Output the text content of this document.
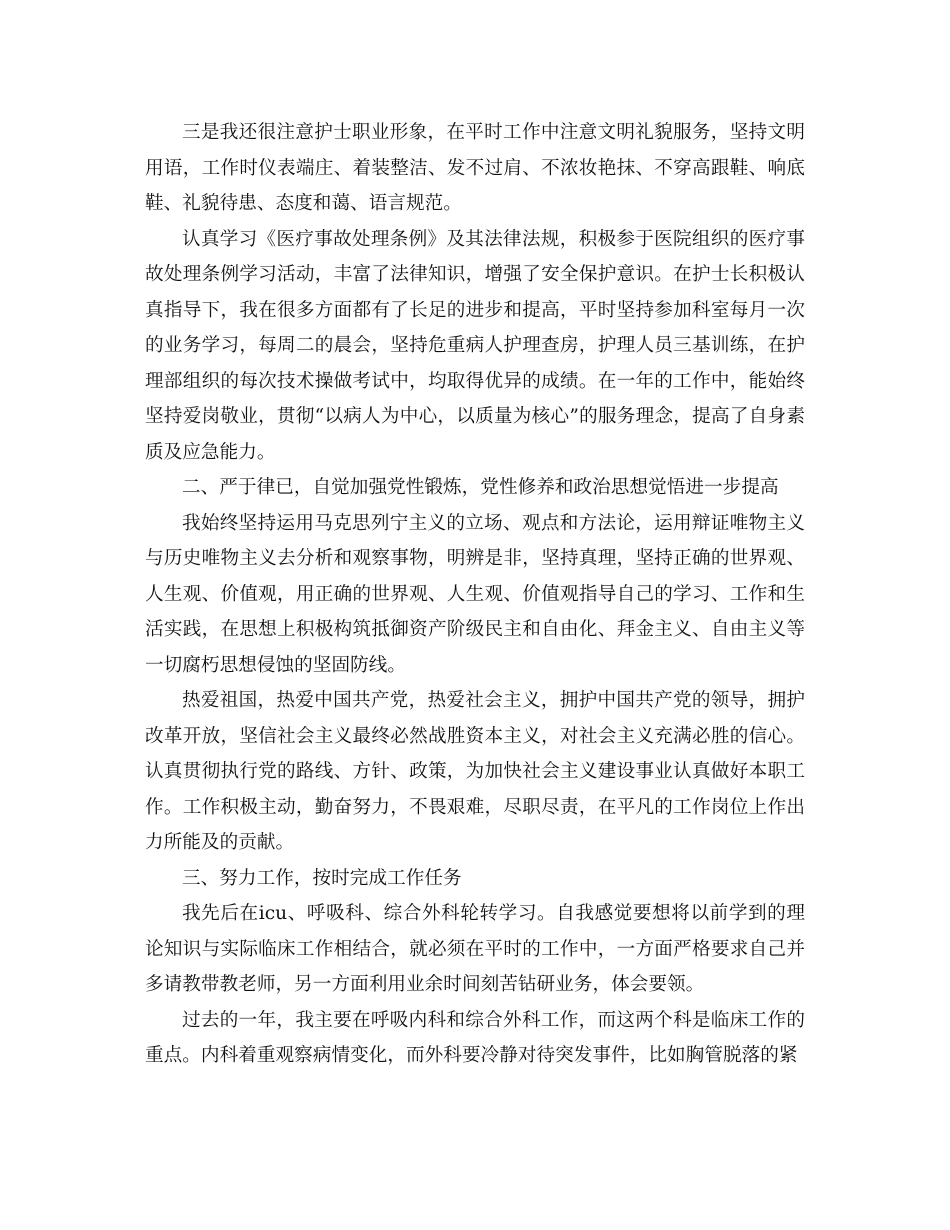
三是我还很注意护士职业形象，在平时工作中注意文明礼貌服务，坚持文明用语，工作时仪表端庄、着装整洁、发不过肩、不浓妆艳抹、不穿高跟鞋、响底鞋、礼貌待患、态度和蔼、语言规范。

认真学习《医疗事故处理条例》及其法律法规，积极参于医院组织的医疗事故处理条例学习活动，丰富了法律知识，增强了安全保护意识。在护士长积极认真指导下，我在很多方面都有了长足的进步和提高，平时坚持参加科室每月一次的业务学习，每周二的晨会，坚持危重病人护理查房，护理人员三基训练，在护理部组织的每次技术操做考试中，均取得优异的成绩。在一年的工作中，能始终坚持爱岗敬业，贯彻“以病人为中心，以质量为核心”的服务理念，提高了自身素质及应急能力。

二、严于律已，自觉加强党性锻炼，党性修养和政治思想觉悟进一步提高

我始终坚持运用马克思列宁主义的立场、观点和方法论，运用辩证唯物主义与历史唯物主义去分析和观察事物，明辨是非，坚持真理，坚持正确的世界观、人生观、价值观，用正确的世界观、人生观、价值观指导自己的学习、工作和生活实践，在思想上积极构筑抵御资产阶级民主和自由化、拜金主义、自由主义等一切腐朽思想侵蚀的坚固防线。

热爱祖国，热爱中国共产党，热爱社会主义，拥护中国共产党的领导，拥护改革开放，坚信社会主义最终必然战胜资本主义，对社会主义充满必胜的信心。认真贯彻执行党的路线、方针、政策，为加快社会主义建设事业认真做好本职工作。工作积极主动，勤奋努力，不畏艰难，尽职尽责，在平凡的工作岗位上作出力所能及的贡献。

三、努力工作，按时完成工作任务

我先后在icu、呼吸科、综合外科轮转学习。自我感觉要想将以前学到的理论知识与实际临床工作相结合，就必须在平时的工作中，一方面严格要求自己并多请教带教老师，另一方面利用业余时间刻苦钻研业务，体会要领。

过去的一年，我主要在呼吸内科和综合外科工作，而这两个科是临床工作的重点。内科着重观察病情变化，而外科要冷静对待突发事件，比如胸管脱落的紧
